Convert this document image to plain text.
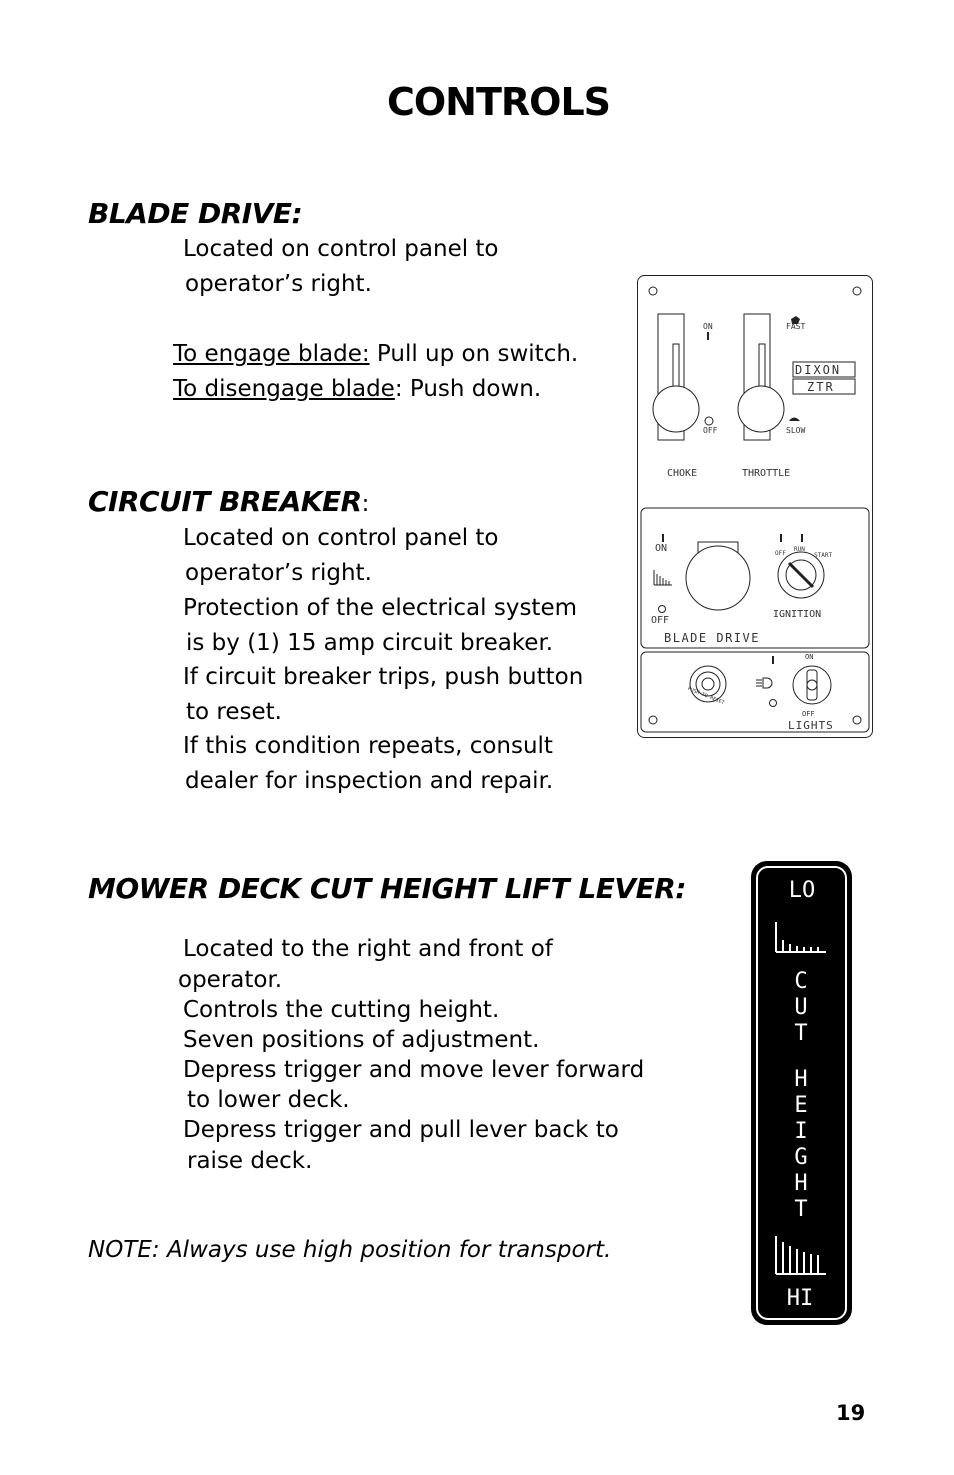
CONTROLS
BLADE DRIVE:
Located on control panel to
operator’s right.
To engage blade: Pull up on switch.
To disengage blade: Push down.
CIRCUIT BREAKER:
Located on control panel to
operator’s right.
Protection of the electrical system
is by (1) 15 amp circuit breaker.
If circuit breaker trips, push button
to reset.
If this condition repeats, consult
dealer for inspection and repair.
MOWER DECK CUT HEIGHT LIFT LEVER:
Located to the right and front of
operator.
Controls the cutting height.
Seven positions of adjustment.
Depress trigger and move lever forward
to lower deck.
Depress trigger and pull lever back to
raise deck.
NOTE: Always use high position for transport.
ON
OFF
CHOKE
FAST
SLOW
THROTTLE
DIXON
ZTR
ON
OFF
BLADE DRIVE
OFF
RUN
START
IGNITION
PUSH TO RESET
ON
OFF
LIGHTS
LO
C
U
T
H
E
I
G
H
T
HI
19
